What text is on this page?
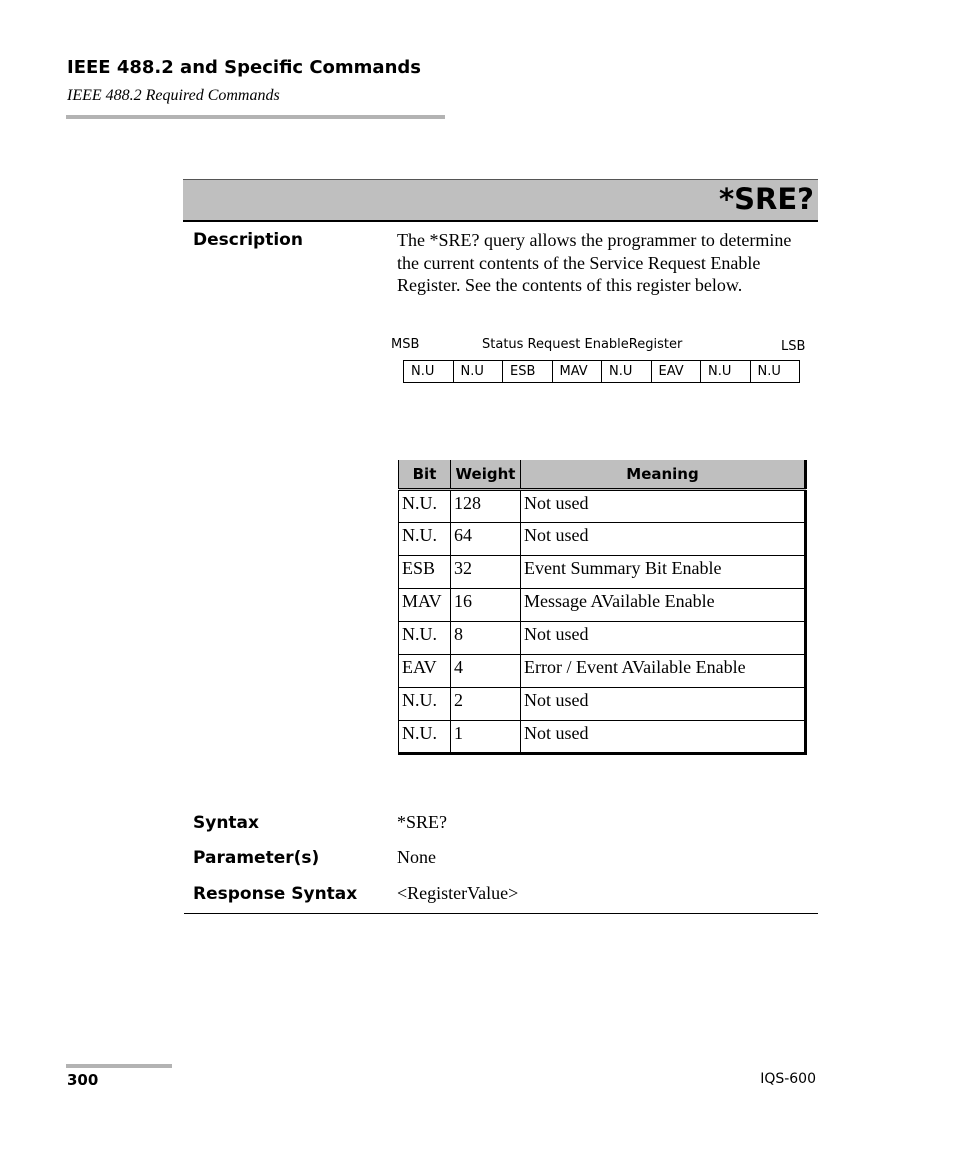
IEEE 488.2 and Specific Commands
IEEE 488.2 Required Commands
*SRE?
Description	The *SRE? query allows the programmer to determine the current contents of the Service Request Enable Register. See the contents of this register below.
MSB	Status Request EnableRegister	LSB
N.U	N.U	ESB	MAV	N.U	EAV	N.U	N.U
Bit	Weight	Meaning
N.U.	128	Not used
N.U.	64	Not used
ESB	32	Event Summary Bit Enable
MAV	16	Message AVailable Enable
N.U.	8	Not used
EAV	4	Error / Event AVailable Enable
N.U.	2	Not used
N.U.	1	Not used
Syntax	*SRE?
Parameter(s)	None
Response Syntax <RegisterValue>
300	IQS-600
